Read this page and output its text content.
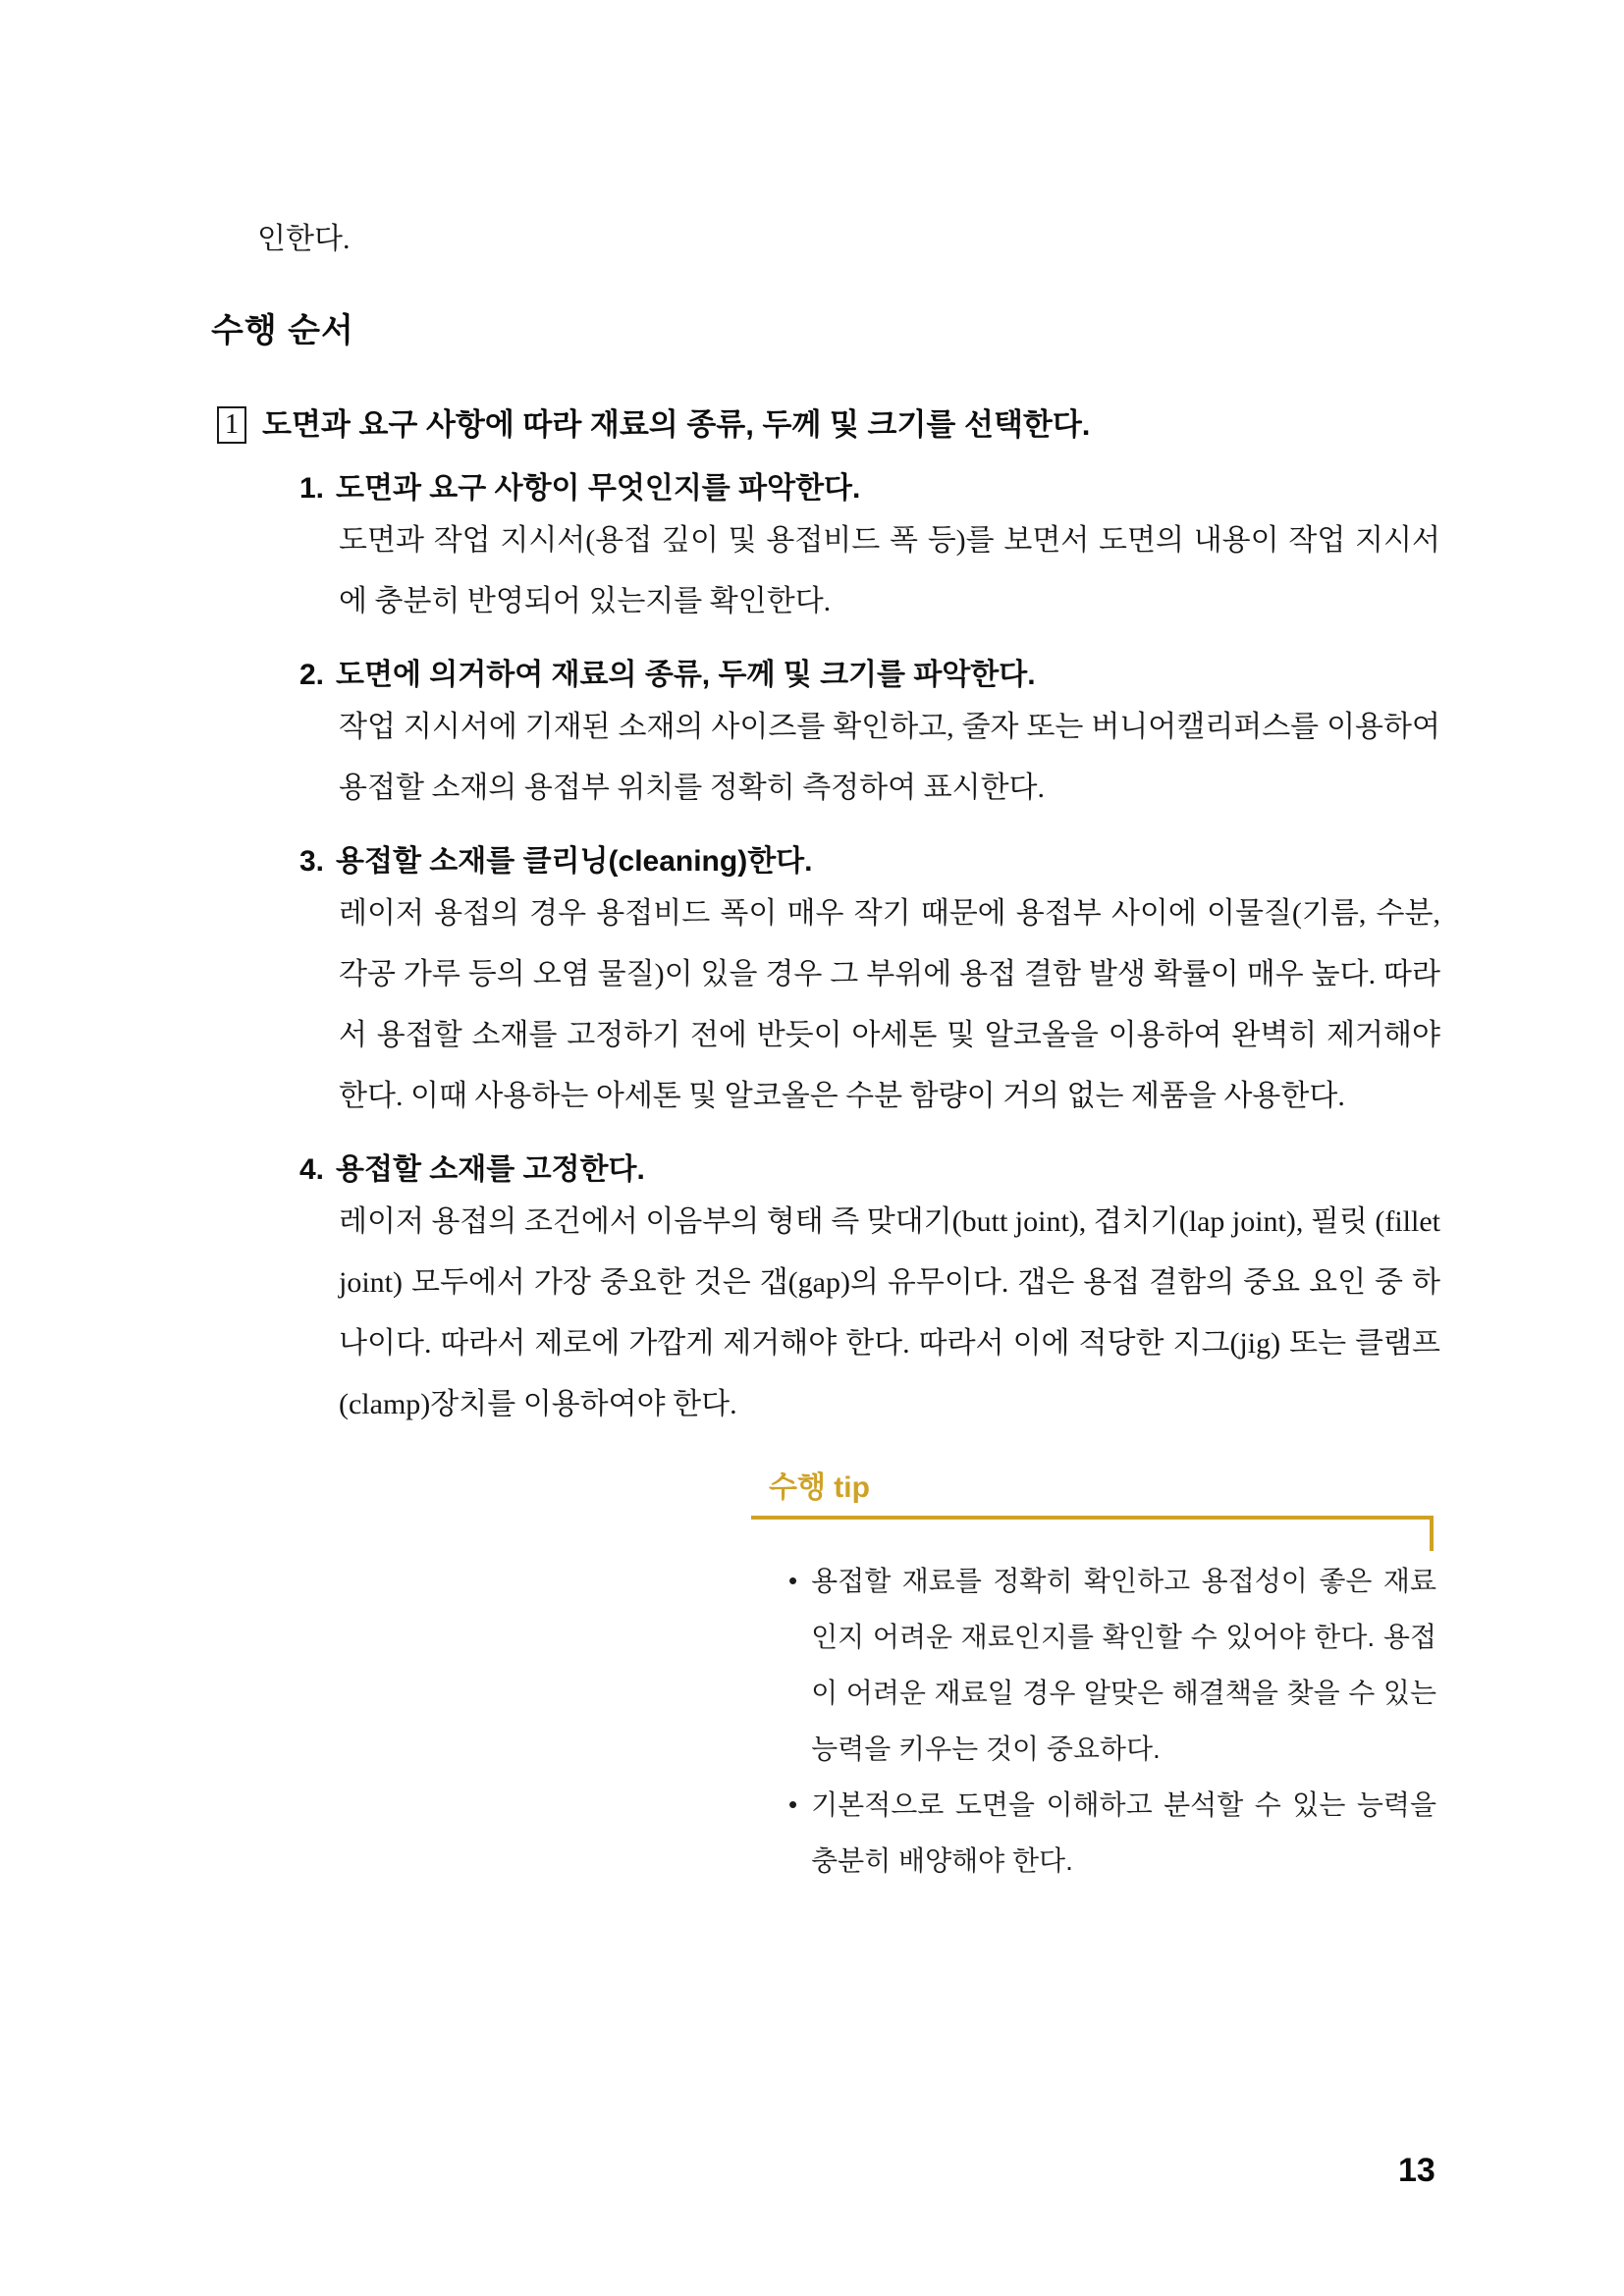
인한다.
수행 순서
1 도면과 요구 사항에 따라 재료의 종류, 두께 및 크기를 선택한다.
1. 도면과 요구 사항이 무엇인지를 파악한다.

도면과 작업 지시서(용접 깊이 및 용접비드 폭 등)를 보면서 도면의 내용이 작업 지시서에 충분히 반영되어 있는지를 확인한다.

2. 도면에 의거하여 재료의 종류, 두께 및 크기를 파악한다.

작업 지시서에 기재된 소재의 사이즈를 확인하고, 줄자 또는 버니어캘리퍼스를 이용하여 용접할 소재의 용접부 위치를 정확히 측정하여 표시한다.

3. 용접할 소재를 클리닝(cleaning)한다.

레이저 용접의 경우 용접비드 폭이 매우 작기 때문에 용접부 사이에 이물질(기름, 수분, 각공 가루 등의 오염 물질)이 있을 경우 그 부위에 용접 결함 발생 확률이 매우 높다. 따라서 용접할 소재를 고정하기 전에 반듯이 아세톤 및 알코올을 이용하여 완벽히 제거해야 한다. 이때 사용하는 아세톤 및 알코올은 수분 함량이 거의 없는 제품을 사용한다.

4. 용접할 소재를 고정한다.

레이저 용접의 조건에서 이음부의 형태 즉 맞대기(butt joint), 겹치기(lap joint), 필릿 (fillet joint) 모두에서 가장 중요한 것은 갭(gap)의 유무이다. 갭은 용접 결함의 중요 요인 중 하나이다. 따라서 제로에 가깝게 제거해야 한다. 따라서 이에 적당한 지그(jig) 또는 클램프(clamp)장치를 이용하여야 한다.

수행 tip
• 용접할 재료를 정확히 확인하고 용접성이 좋은 재료인지 어려운 재료인지를 확인할 수 있어야 한다. 용접이 어려운 재료일 경우 알맞은 해결책을 찾을 수 있는 능력을 키우는 것이 중요하다.
• 기본적으로 도면을 이해하고 분석할 수 있는 능력을 충분히 배양해야 한다.
13
